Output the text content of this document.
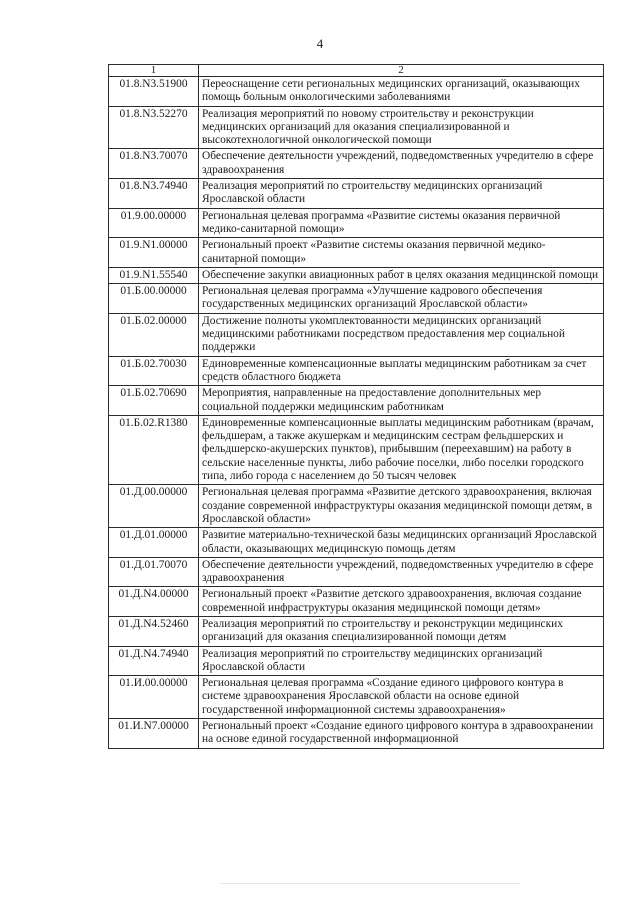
4
1	2
01.8.N3.51900	Переоснащение сети региональных медицинских организаций, оказывающих помощь больным онкологическими заболеваниями
01.8.N3.52270	Реализация мероприятий по новому строительству и реконструкции медицинских организаций для оказания специализированной и высокотехнологичной онкологической помощи
01.8.N3.70070	Обеспечение деятельности учреждений, подведомственных учредителю в сфере здравоохранения
01.8.N3.74940	Реализация мероприятий по строительству медицинских организаций Ярославской области
01.9.00.00000	Региональная целевая программа «Развитие системы оказания первичной медико-санитарной помощи»
01.9.N1.00000	Региональный проект «Развитие системы оказания первичной медико-санитарной помощи»
01.9.N1.55540	Обеспечение закупки авиационных работ в целях оказания медицинской помощи
01.Б.00.00000	Региональная целевая программа «Улучшение кадрового обеспечения государственных медицинских организаций Ярославской области»
01.Б.02.00000	Достижение полноты укомплектованности медицинских организаций медицинскими работниками посредством предоставления мер социальной поддержки
01.Б.02.70030	Единовременные компенсационные выплаты медицинским работникам за счет средств областного бюджета
01.Б.02.70690	Мероприятия, направленные на предоставление дополнительных мер социальной поддержки медицинским работникам
01.Б.02.R1380	Единовременные компенсационные выплаты медицинским работникам (врачам, фельдшерам, а также акушеркам и медицинским сестрам фельдшерских и фельдшерско-акушерских пунктов), прибывшим (переехавшим) на работу в сельские населенные пункты, либо рабочие поселки, либо поселки городского типа, либо города с населением до 50 тысяч человек
01.Д.00.00000	Региональная целевая программа «Развитие детского здравоохранения, включая создание современной инфраструктуры оказания медицинской помощи детям, в Ярославской области»
01.Д.01.00000	Развитие материально-технической базы медицинских организаций Ярославской области, оказывающих медицинскую помощь детям
01.Д.01.70070	Обеспечение деятельности учреждений, подведомственных учредителю в сфере здравоохранения
01.Д.N4.00000	Региональный проект «Развитие детского здравоохранения, включая создание современной инфраструктуры оказания медицинской помощи детям»
01.Д.N4.52460	Реализация мероприятий по строительству и реконструкции медицинских организаций для оказания специализированной помощи детям
01.Д.N4.74940	Реализация мероприятий по строительству медицинских организаций Ярославской области
01.И.00.00000	Региональная целевая программа «Создание единого цифрового контура в системе здравоохранения Ярославской области на основе единой государственной информационной системы здравоохранения»
01.И.N7.00000	Региональный проект «Создание единого цифрового контура в здравоохранении на основе единой государственной информационной
